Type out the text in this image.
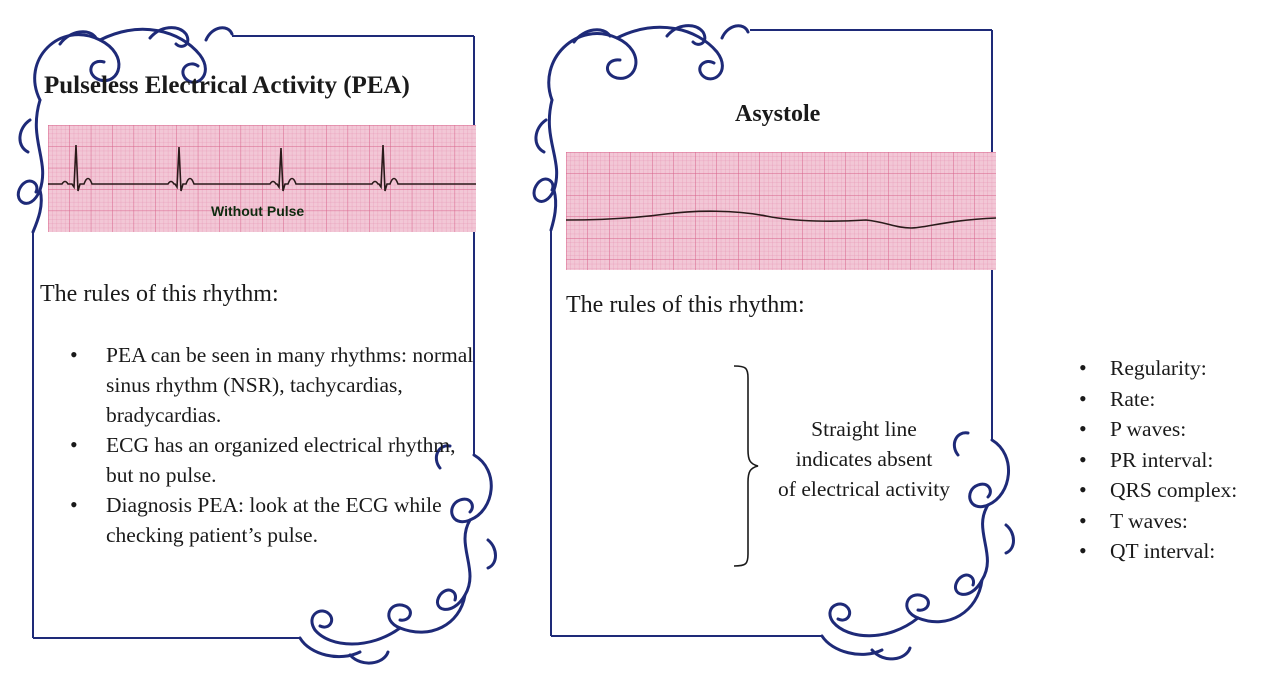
Pulseless Electrical Activity (PEA)
Without Pulse
The rules of this rhythm:
• PEA can be seen in many rhythms: normal sinus rhythm (NSR), tachycardias, bradycardias.
• ECG has an organized electrical rhythm, but no pulse.
• Diagnosis PEA: look at the ECG while checking patient’s pulse.
Asystole
The rules of this rhythm:
• Regularity:
• Rate:
• P waves:
• PR interval:
• QRS complex:
• T waves:
• QT interval:
Straight line
indicates absent
of electrical activity
